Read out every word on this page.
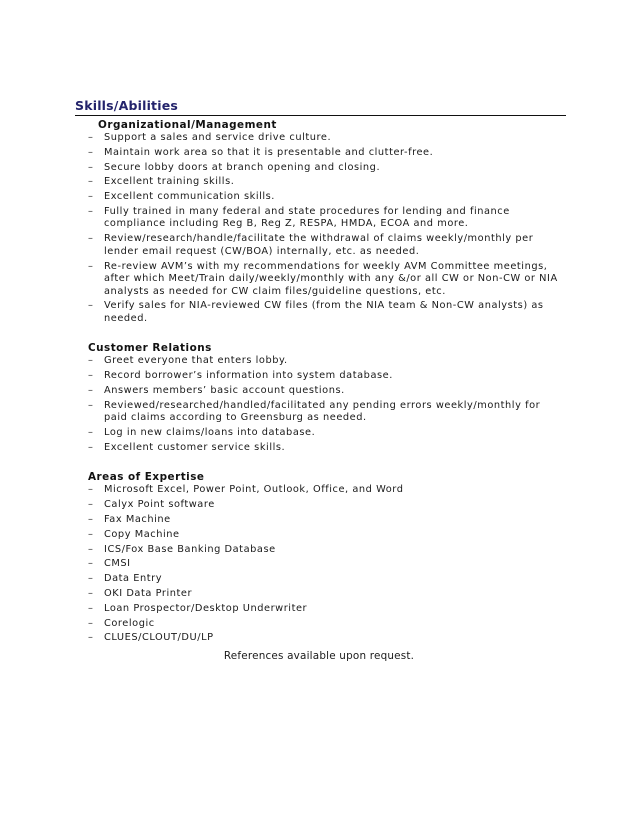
Skills/Abilities
Organizational/Management
– Support a sales and service drive culture.
– Maintain work area so that it is presentable and clutter-free.
– Secure lobby doors at branch opening and closing.
– Excellent training skills.
– Excellent communication skills.
– Fully trained in many federal and state procedures for lending and finance compliance including Reg B, Reg Z, RESPA, HMDA, ECOA and more.
– Review/research/handle/facilitate the withdrawal of claims weekly/monthly per lender email request (CW/BOA) internally, etc. as needed.
– Re-review AVM’s with my recommendations for weekly AVM Committee meetings, after which Meet/Train daily/weekly/monthly with any &/or all CW or Non-CW or NIA analysts as needed for CW claim files/guideline questions, etc.
– Verify sales for NIA-reviewed CW files (from the NIA team & Non-CW analysts) as needed.
Customer Relations
– Greet everyone that enters lobby.
– Record borrower’s information into system database.
– Answers members’ basic account questions.
– Reviewed/researched/handled/facilitated any pending errors weekly/monthly for paid claims according to Greensburg as needed.
– Log in new claims/loans into database.
– Excellent customer service skills.
Areas of Expertise
– Microsoft Excel, Power Point, Outlook, Office, and Word
– Calyx Point software
– Fax Machine
– Copy Machine
– ICS/Fox Base Banking Database
– CMSI
– Data Entry
– OKI Data Printer
– Loan Prospector/Desktop Underwriter
– Corelogic
– CLUES/CLOUT/DU/LP
References available upon request.
